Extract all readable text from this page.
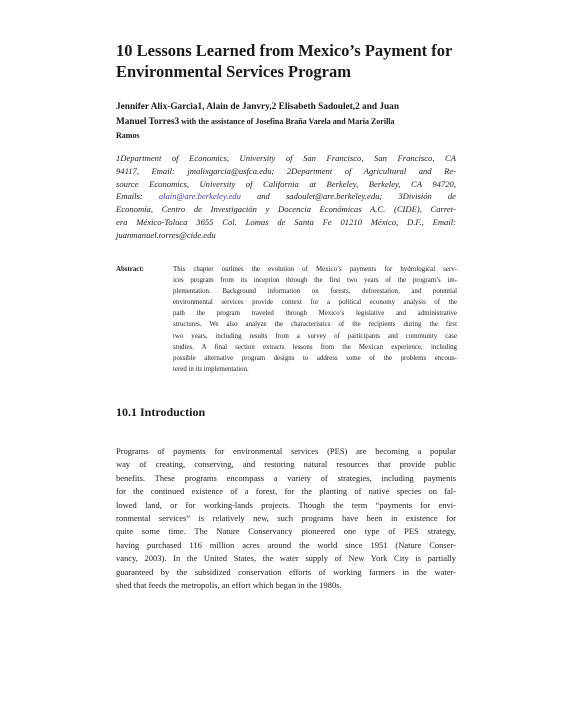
10 Lessons Learned from Mexico’s Payment for
Environmental Services Program
Jennifer Alix-Garcia1, Alain de Janvry,2 Elisabeth Sadoulet,2 and Juan
Manuel Torres3 with the assistance of Josefina Braña Varela and Maria Zorilla
Ramos
1Department of Economics, University of San Francisco, San Francisco, CA
94117, Email: jmalixgarcia@usfca.edu; 2Department of Agricultural and Re-
source Economics, University of California at Berkeley, Berkeley, CA 94720,
Emails: alain@are.berkeley.edu and sadoulet@are.berkeley.edu; 3División de
Economía, Centro de Investigación y Docencia Económicas A.C. (CIDE), Carret-
era México-Toluca 3655 Col. Lomas de Santa Fe 01210 México, D.F., Email:
juanmanuel.torres@cide.edu
Abstract:	This chapter outlines the evolution of Mexico’s payments for hydrological serv-
ices program from its inception through the first two years of the program’s im-
plementation. Background information on forests, deforestation, and potential
environmental services provide context for a political economy analysis of the
path the program traveled through Mexico’s legislative and administrative
structures. We also analyze the characteristics of the recipients during the first
two years, including results from a survey of participants and community case
studies. A final section extracts lessons from the Mexican experience, including
possible alternative program designs to address some of the problems encoun-
tered in its implementation.
10.1 Introduction
Programs of payments for environmental services (PES) are becoming a popular
way of creating, conserving, and restoring natural resources that provide public
benefits. These programs encompass a variety of strategies, including payments
for the continued existence of a forest, for the planting of native species on fal-
lowed land, or for working-lands projects. Though the term “payments for envi-
ronmental services” is relatively new, such programs have been in existence for
quite some time. The Nature Conservancy pioneered one type of PES strategy,
having purchased 116 million acres around the world since 1951 (Nature Conser-
vancy, 2003). In the United States, the water supply of New York City is partially
guaranteed by the subsidized conservation efforts of working farmers in the water-
shed that feeds the metropolis, an effort which began in the 1980s.
